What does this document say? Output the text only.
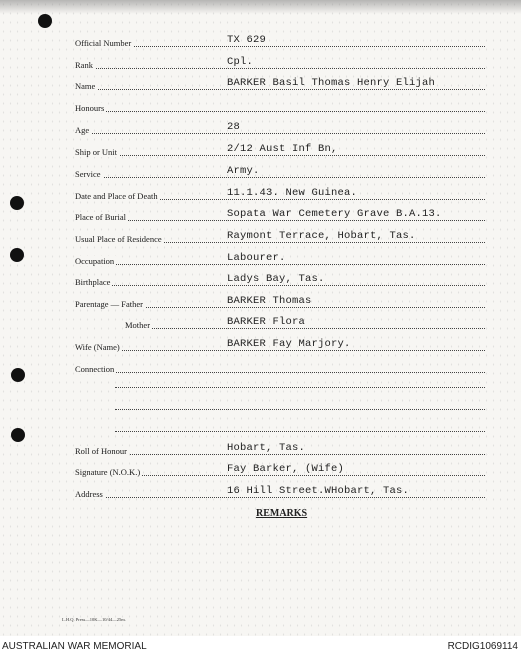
Official Number	TX 629
Rank	Cpl.
Name	BARKER Basil Thomas Henry Elijah
Honours
Age	28
Ship or Unit	2/12 Aust Inf Bn,
Service	Army.
Date and Place of Death	11.1.43. New Guinea.
Place of Burial	Sopata War Cemetery Grave B.A.13.
Usual Place of Residence	Raymont Terrace, Hobart, Tas.
Occupation	Labourer.
Birthplace	Ladys Bay, Tas.
Parentage — Father	BARKER Thomas
Mother	BARKER Flora
Wife (Name)	BARKER Fay Marjory.
Connection
Roll of Honour	Hobart, Tas.
Signature (N.O.K.)	Fay Barker, (Wife)
Address	16 Hill Street.WHobart, Tas.
REMARKS
L.H.Q. Press—10K—10/44—25m.
AUSTRALIAN WAR MEMORIAL	RCDIG1069114
